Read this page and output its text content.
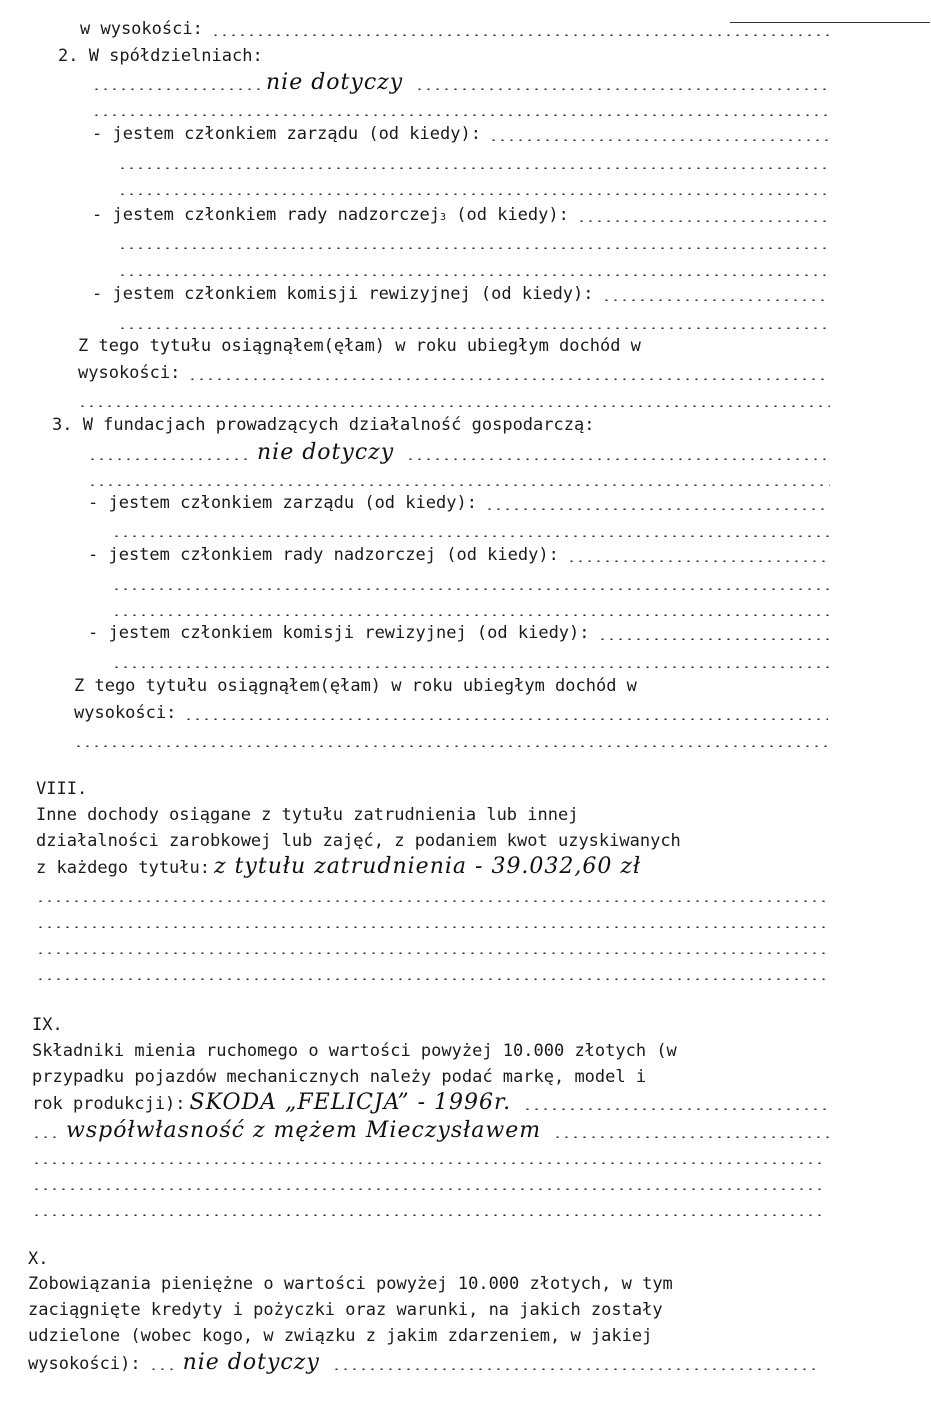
w wysokości:
2. W spółdzielniach:
nie dotyczy
- jestem członkiem zarządu (od kiedy):
- jestem członkiem rady nadzorczej 3 (od kiedy):
- jestem członkiem komisji rewizyjnej (od kiedy):
Z tego tytułu osiągnąłem(ęłam) w roku ubiegłym dochód w
wysokości:
3. W fundacjach prowadzących działalność gospodarczą:
nie dotyczy
- jestem członkiem zarządu (od kiedy):
- jestem członkiem rady nadzorczej (od kiedy):
- jestem członkiem komisji rewizyjnej (od kiedy):
Z tego tytułu osiągnąłem(ęłam) w roku ubiegłym dochód w
wysokości:
VIII.
Inne dochody osiągane z tytułu zatrudnienia lub innej
działalności zarobkowej lub zajęć, z podaniem kwot uzyskiwanych
z każdego tytułu: z tytułu zatrudnienia - 39.032,60 zł
IX.
Składniki mienia ruchomego o wartości powyżej 10.000 złotych (w
przypadku pojazdów mechanicznych należy podać markę, model i
rok produkcji): SKODA „FELICJA” - 1996r.
współwłasność z mężem Mieczysławem
X.
Zobowiązania pieniężne o wartości powyżej 10.000 złotych, w tym
zaciągnięte kredyty i pożyczki oraz warunki, na jakich zostały
udzielone (wobec kogo, w związku z jakim zdarzeniem, w jakiej
wysokości): nie dotyczy
